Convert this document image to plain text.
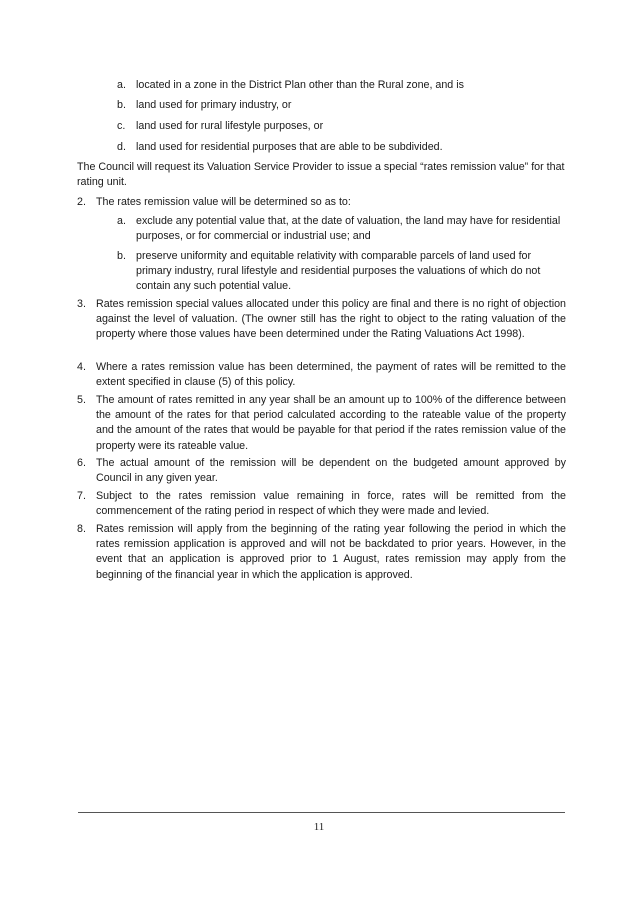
a. located in a zone in the District Plan other than the Rural zone, and is
b. land used for primary industry, or
c. land used for rural lifestyle purposes, or
d. land used for residential purposes that are able to be subdivided.
The Council will request its Valuation Service Provider to issue a special “rates remission value” for that rating unit.
2. The rates remission value will be determined so as to:
a. exclude any potential value that, at the date of valuation, the land may have for residential purposes, or for commercial or industrial use; and
b. preserve uniformity and equitable relativity with comparable parcels of land used for primary industry, rural lifestyle and residential purposes the valuations of which do not contain any such potential value.
3. Rates remission special values allocated under this policy are final and there is no right of objection against the level of valuation. (The owner still has the right to object to the rating valuation of the property where those values have been determined under the Rating Valuations Act 1998).
4. Where a rates remission value has been determined, the payment of rates will be remitted to the extent specified in clause (5) of this policy.
5. The amount of rates remitted in any year shall be an amount up to 100% of the difference between the amount of the rates for that period calculated according to the rateable value of the property and the amount of the rates that would be payable for that period if the rates remission value of the property were its rateable value.
6. The actual amount of the remission will be dependent on the budgeted amount approved by Council in any given year.
7. Subject to the rates remission value remaining in force, rates will be remitted from the commencement of the rating period in respect of which they were made and levied.
8. Rates remission will apply from the beginning of the rating year following the period in which the rates remission application is approved and will not be backdated to prior years. However, in the event that an application is approved prior to 1 August, rates remission may apply from the beginning of the financial year in which the application is approved.
11
